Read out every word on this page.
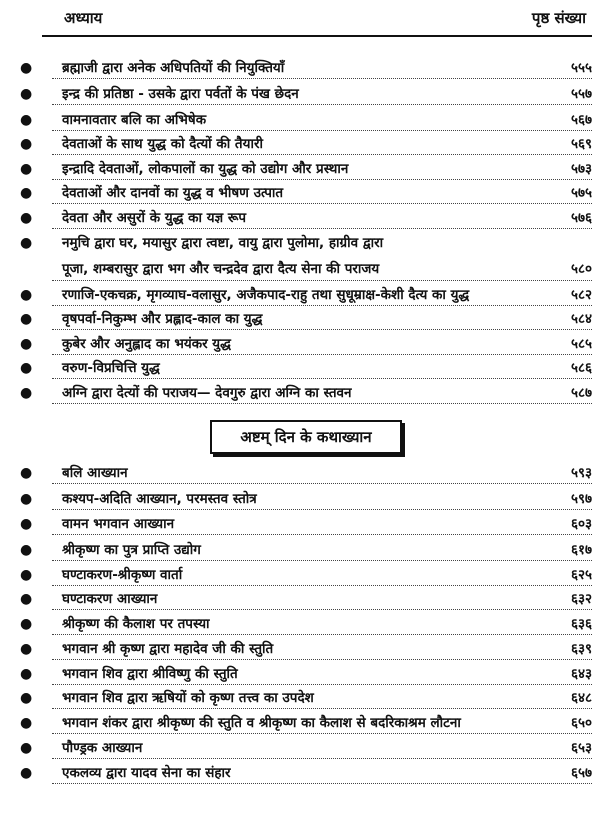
अध्याय	पृष्ठ संख्या
● ब्रह्माजी द्वारा अनेक अधिपतियों की नियुक्तियाँ	५५५
● इन्द्र की प्रतिष्ठा - उसके द्वारा पर्वतों के पंख छेदन	५५७
● वामनावतार बलि का अभिषेक	५६७
● देवताओं के साथ युद्ध को दैत्यों की तैयारी	५६९
● इन्द्रादि देवताओं, लोकपालों का युद्ध को उद्योग और प्रस्थान	५७३
● देवताओं और दानवों का युद्ध व भीषण उत्पात	५७५
● देवता और असुरों के युद्ध का यज्ञ रूप	५७६
● नमुचि द्वारा घर, मयासुर द्वारा त्वष्टा, वायु द्वारा पुलोमा, हाग्रीव द्वारा
पूजा, शम्बरासुर द्वारा भग और चन्द्रदेव द्वारा दैत्य सेना की पराजय	५८०
● रणाजि-एकचक्र, मृगव्याघ-वलासुर, अजैकपाद-राहु तथा सुधूम्राक्ष-केशी दैत्य का युद्ध	५८२
● वृषपर्वा-निकुम्भ और प्रह्लाद-काल का युद्ध	५८४
● कुबेर और अनुह्लाद का भयंकर युद्ध	५८५
● वरुण-विप्रचित्ति युद्ध	५८६
● अग्नि द्वारा देत्यों की पराजय— देवगुरु द्वारा अग्नि का स्तवन	५८७
● बलि आख्यान	५९३
● कश्यप-अदिति आख्यान, परमस्तव स्तोत्र	५९७
● वामन भगवान आख्यान	६०३
● श्रीकृष्ण का पुत्र प्राप्ति उद्योग	६१७
● घण्टाकरण-श्रीकृष्ण वार्ता	६२५
● घण्टाकरण आख्यान	६३२
● श्रीकृष्ण की कैलाश पर तपस्या	६३६
● भगवान श्री कृष्ण द्वारा महादेव जी की स्तुति	६३९
● भगवान शिव द्वारा श्रीविष्णु की स्तुति	६४३
● भगवान शिव द्वारा ऋषियों को कृष्ण तत्त्व का उपदेश	६४८
● भगवान शंकर द्वारा श्रीकृष्ण की स्तुति व श्रीकृष्ण का कैलाश से बदरिकाश्रम लौटना	६५०
● पौण्ड्रक आख्यान	६५३
● एकलव्य द्वारा यादव सेना का संहार	६५७
अष्टम् दिन के कथाख्यान
